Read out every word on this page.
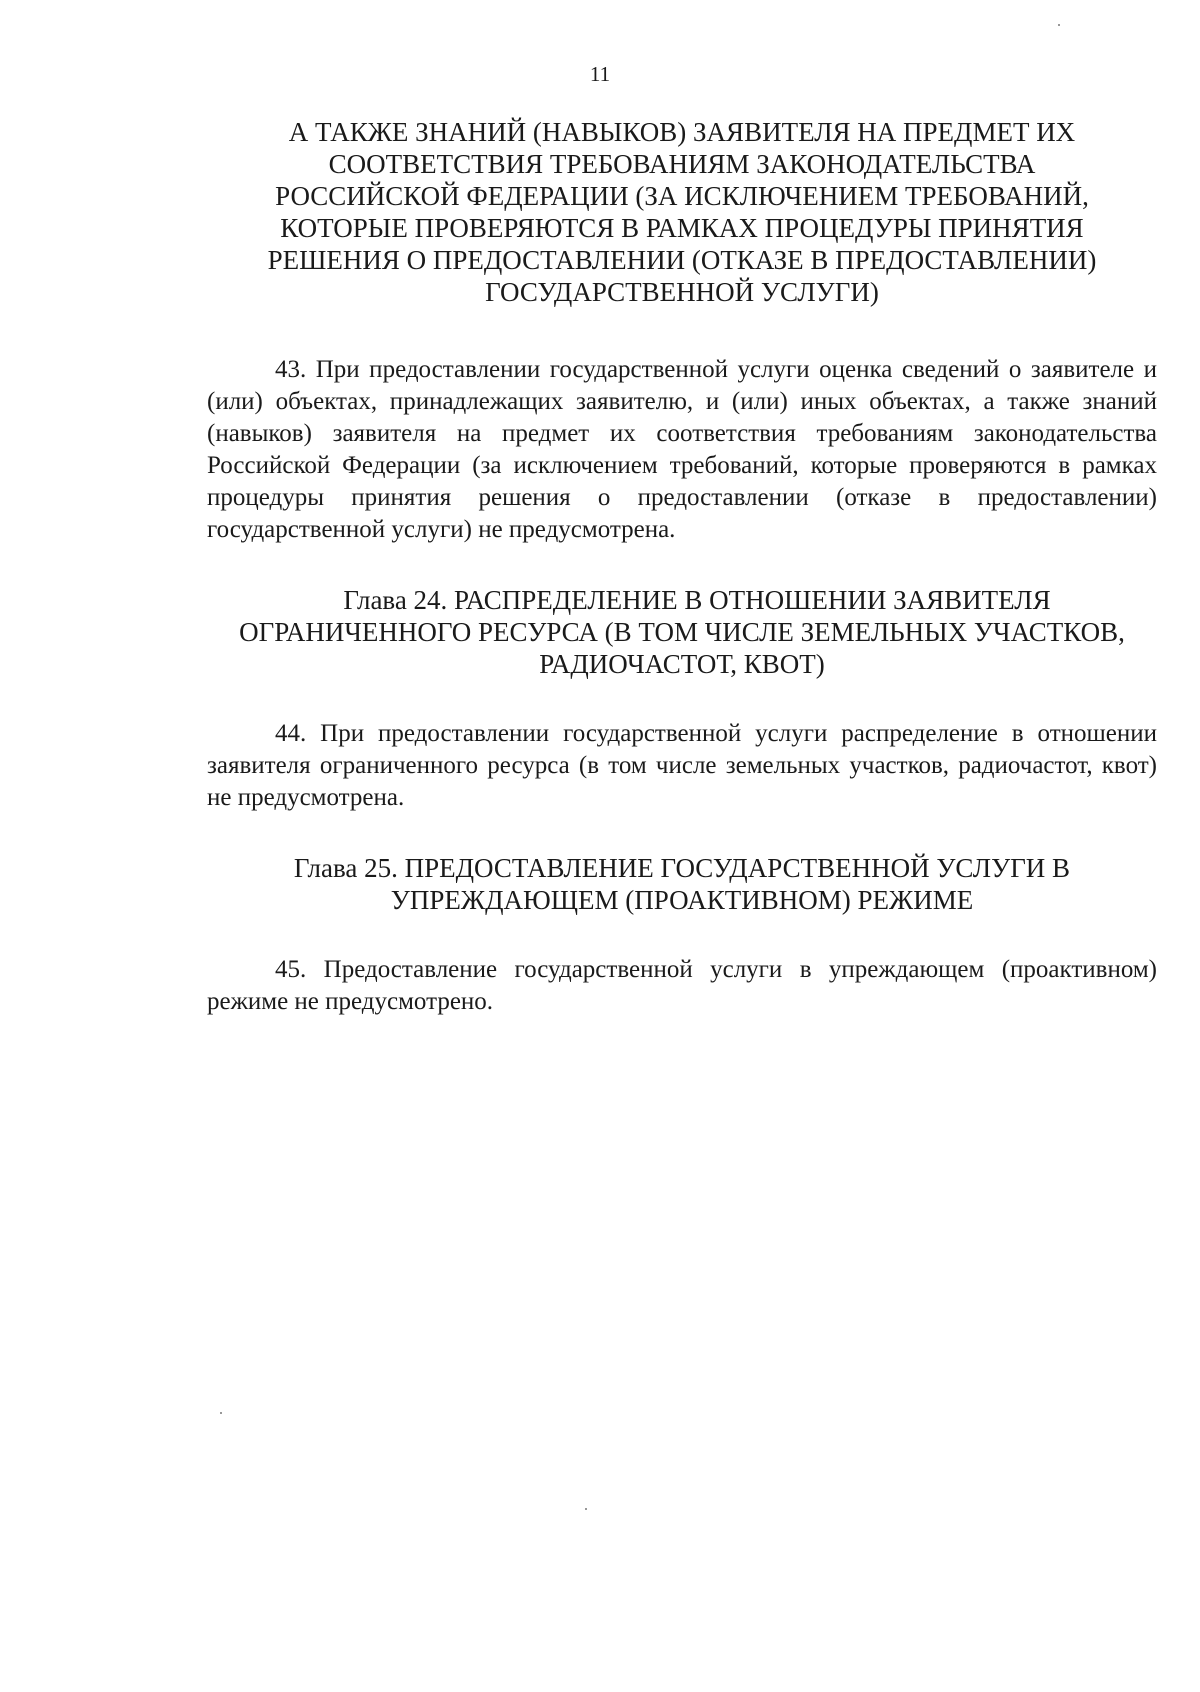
11
А ТАКЖЕ ЗНАНИЙ (НАВЫКОВ) ЗАЯВИТЕЛЯ НА ПРЕДМЕТ ИХ
СООТВЕТСТВИЯ ТРЕБОВАНИЯМ ЗАКОНОДАТЕЛЬСТВА
РОССИЙСКОЙ ФЕДЕРАЦИИ (ЗА ИСКЛЮЧЕНИЕМ ТРЕБОВАНИЙ,
КОТОРЫЕ ПРОВЕРЯЮТСЯ В РАМКАХ ПРОЦЕДУРЫ ПРИНЯТИЯ
РЕШЕНИЯ О ПРЕДОСТАВЛЕНИИ (ОТКАЗЕ В ПРЕДОСТАВЛЕНИИ)
ГОСУДАРСТВЕННОЙ УСЛУГИ)

43. При предоставлении государственной услуги оценка сведений о заявителе и (или) объектах, принадлежащих заявителю, и (или) иных объектах, а также знаний (навыков) заявителя на предмет их соответствия требованиям законодательства Российской Федерации (за исключением требований, которые проверяются в рамках процедуры принятия решения о предоставлении (отказе в предоставлении) государственной услуги) не предусмотрена.

Глава 24. РАСПРЕДЕЛЕНИЕ В ОТНОШЕНИИ ЗАЯВИТЕЛЯ
ОГРАНИЧЕННОГО РЕСУРСА (В ТОМ ЧИСЛЕ ЗЕМЕЛЬНЫХ УЧАСТКОВ,
РАДИОЧАСТОТ, КВОТ)

44. При предоставлении государственной услуги распределение в отношении заявителя ограниченного ресурса (в том числе земельных участков, радиочастот, квот) не предусмотрена.

Глава 25. ПРЕДОСТАВЛЕНИЕ ГОСУДАРСТВЕННОЙ УСЛУГИ В
УПРЕЖДАЮЩЕМ (ПРОАКТИВНОМ) РЕЖИМЕ

45. Предоставление государственной услуги в упреждающем (проактивном) режиме не предусмотрено.
